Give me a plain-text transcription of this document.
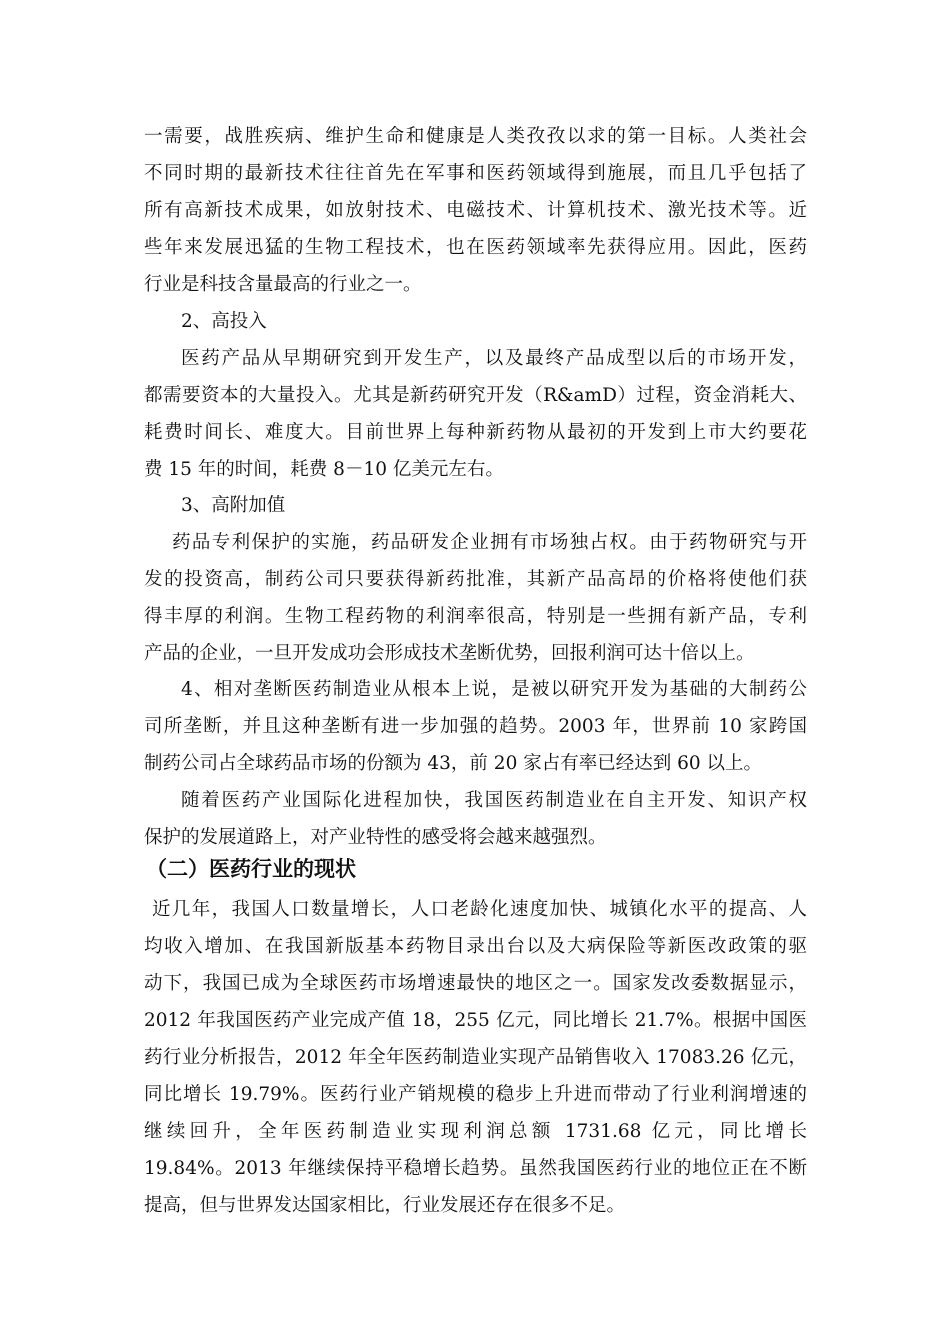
一需要，战胜疾病、维护生命和健康是人类孜孜以求的第一目标。人类社会
不同时期的最新技术往往首先在军事和医药领域得到施展，而且几乎包括了
所有高新技术成果，如放射技术、电磁技术、计算机技术、激光技术等。近
些年来发展迅猛的生物工程技术，也在医药领域率先获得应用。因此，医药
行业是科技含量最高的行业之一。
2、高投入
医药产品从早期研究到开发生产，以及最终产品成型以后的市场开发，
都需要资本的大量投入。尤其是新药研究开发（R&amD）过程，资金消耗大、
耗费时间长、难度大。目前世界上每种新药物从最初的开发到上市大约要花
费 15 年的时间，耗费 8－10 亿美元左右。
3、高附加值
药品专利保护的实施，药品研发企业拥有市场独占权。由于药物研究与开
发的投资高，制药公司只要获得新药批准，其新产品高昂的价格将使他们获
得丰厚的利润。生物工程药物的利润率很高，特别是一些拥有新产品，专利
产品的企业，一旦开发成功会形成技术垄断优势，回报利润可达十倍以上。
4、相对垄断医药制造业从根本上说，是被以研究开发为基础的大制药公
司所垄断，并且这种垄断有进一步加强的趋势。2003 年，世界前 10 家跨国
制药公司占全球药品市场的份额为 43，前 20 家占有率已经达到 60 以上。
随着医药产业国际化进程加快，我国医药制造业在自主开发、知识产权
保护的发展道路上，对产业特性的感受将会越来越强烈。
（二）医药行业的现状
近几年，我国人口数量增长，人口老龄化速度加快、城镇化水平的提高、人
均收入增加、在我国新版基本药物目录出台以及大病保险等新医改政策的驱
动下，我国已成为全球医药市场增速最快的地区之一。国家发改委数据显示，
2012 年我国医药产业完成产值 18，255 亿元，同比增长 21.7%。根据中国医
药行业分析报告，2012 年全年医药制造业实现产品销售收入 17083.26 亿元，
同比增长 19.79%。医药行业产销规模的稳步上升进而带动了行业利润增速的
继续回升，全年医药制造业实现利润总额 1731.68 亿元，同比增长
19.84%。2013 年继续保持平稳增长趋势。虽然我国医药行业的地位正在不断
提高，但与世界发达国家相比，行业发展还存在很多不足。
